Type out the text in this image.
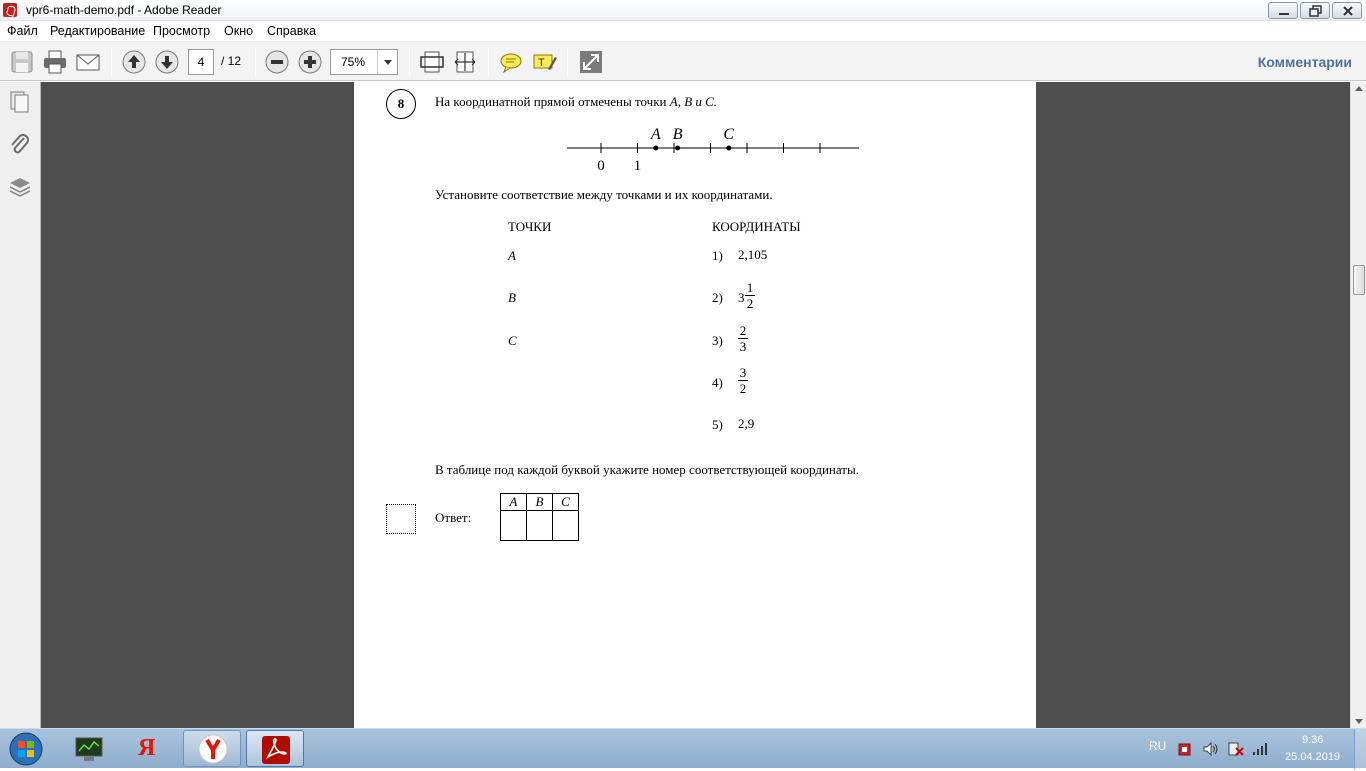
vpr6-math-demo.pdf - Adobe Reader
Файл Редактирование Просмотр Окно Справка
4	/ 12	75%	T	Комментарии
8	На координатной прямой отмечены точки A, B и C.
0 1
A B	C
Установите соответствие между точками и их координатами.
ТОЧКИ	КООРДИНАТЫ
A
B
C
1) 2,105
2) 3
1
2
3)
2
3
4)
3
2
5) 2,9
В таблице под каждой буквой укажите номер соответствующей координаты.
Ответ:
A	B	C

Я	RU	9:36
25.04.2019
